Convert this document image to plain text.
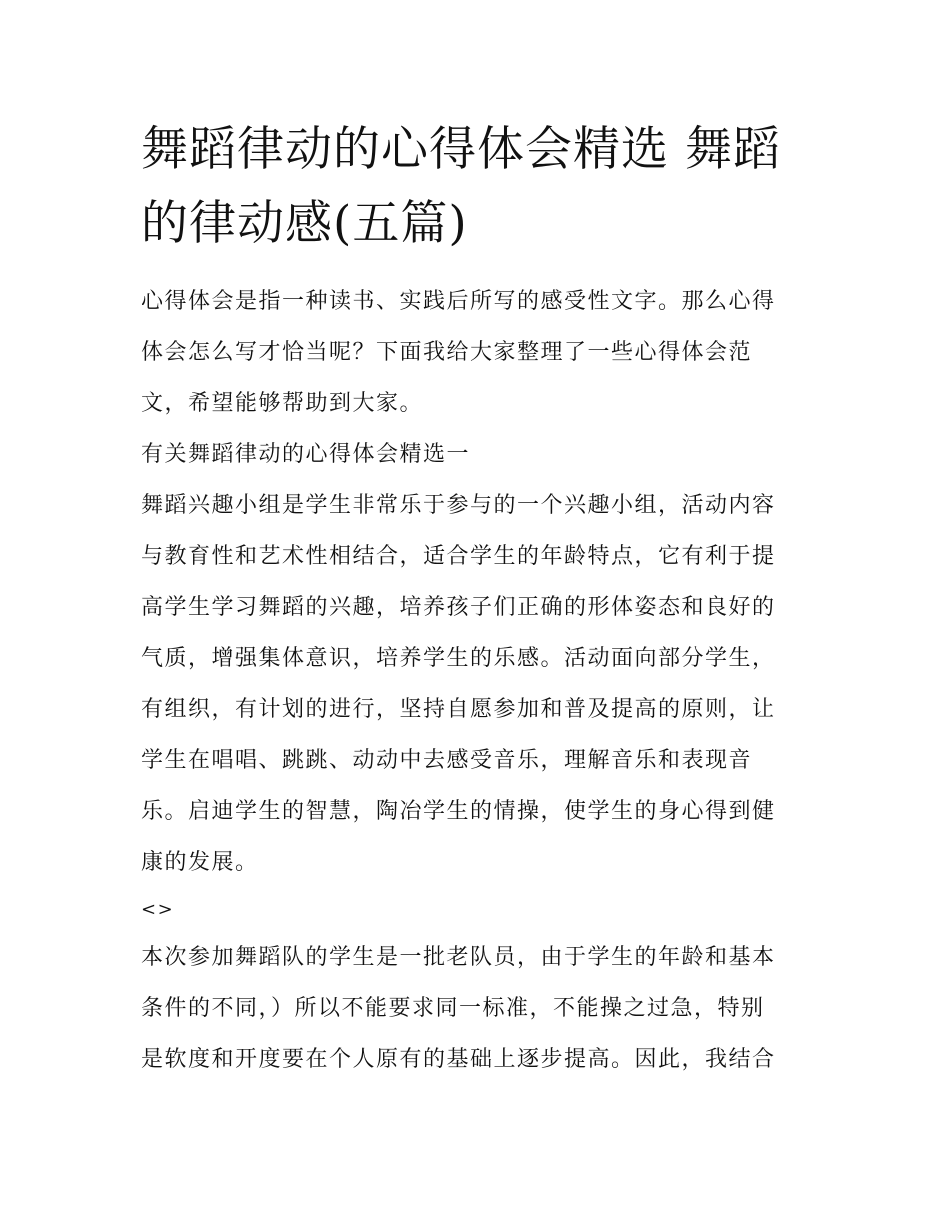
舞蹈律动的心得体会精选 舞蹈
的律动感(五篇)
心得体会是指一种读书、实践后所写的感受性文字。那么心得
体会怎么写才恰当呢？下面我给大家整理了一些心得体会范
文，希望能够帮助到大家。
有关舞蹈律动的心得体会精选一
舞蹈兴趣小组是学生非常乐于参与的一个兴趣小组，活动内容
与教育性和艺术性相结合，适合学生的年龄特点，它有利于提
高学生学习舞蹈的兴趣，培养孩子们正确的形体姿态和良好的
气质，增强集体意识，培养学生的乐感。活动面向部分学生，
有组织，有计划的进行，坚持自愿参加和普及提高的原则，让
学生在唱唱、跳跳、动动中去感受音乐，理解音乐和表现音
乐。启迪学生的智慧，陶冶学生的情操，使学生的身心得到健
康的发展。
<>
本次参加舞蹈队的学生是一批老队员，由于学生的年龄和基本
条件的不同，）所以不能要求同一标准，不能操之过急，特别
是软度和开度要在个人原有的基础上逐步提高。因此，我结合
